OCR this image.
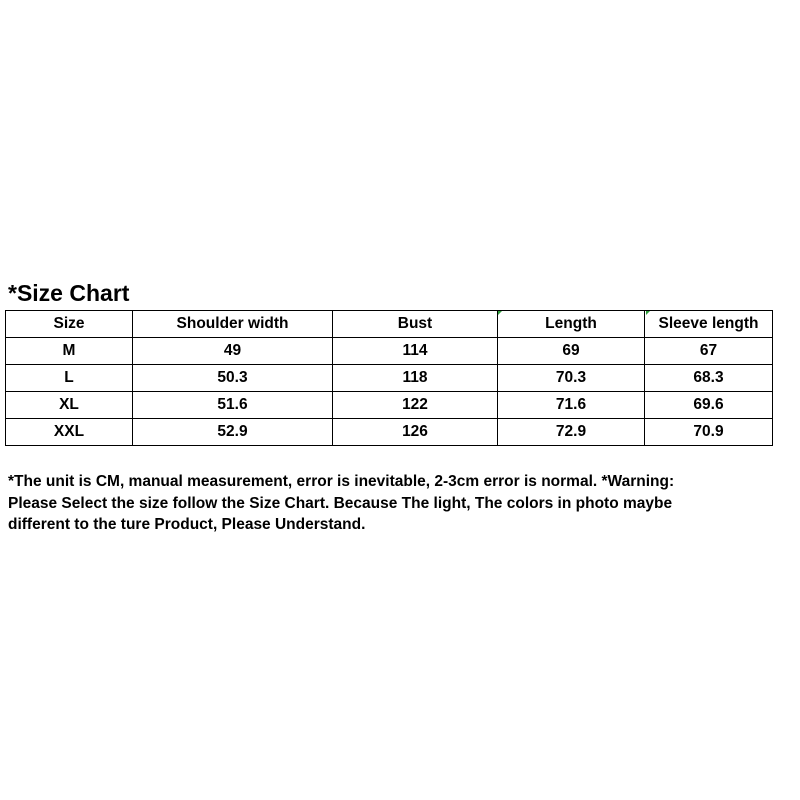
*Size Chart
Size	Shoulder width	Bust	Length	Sleeve length
M	49	114	69	67
L	50.3	118	70.3	68.3
XL	51.6	122	71.6	69.6
XXL	52.9	126	72.9	70.9
*The unit is CM, manual measurement, error is inevitable, 2-3cm error is normal. *Warning:
Please Select the size follow the Size Chart. Because The light, The colors in photo maybe
different to the ture Product, Please Understand.
